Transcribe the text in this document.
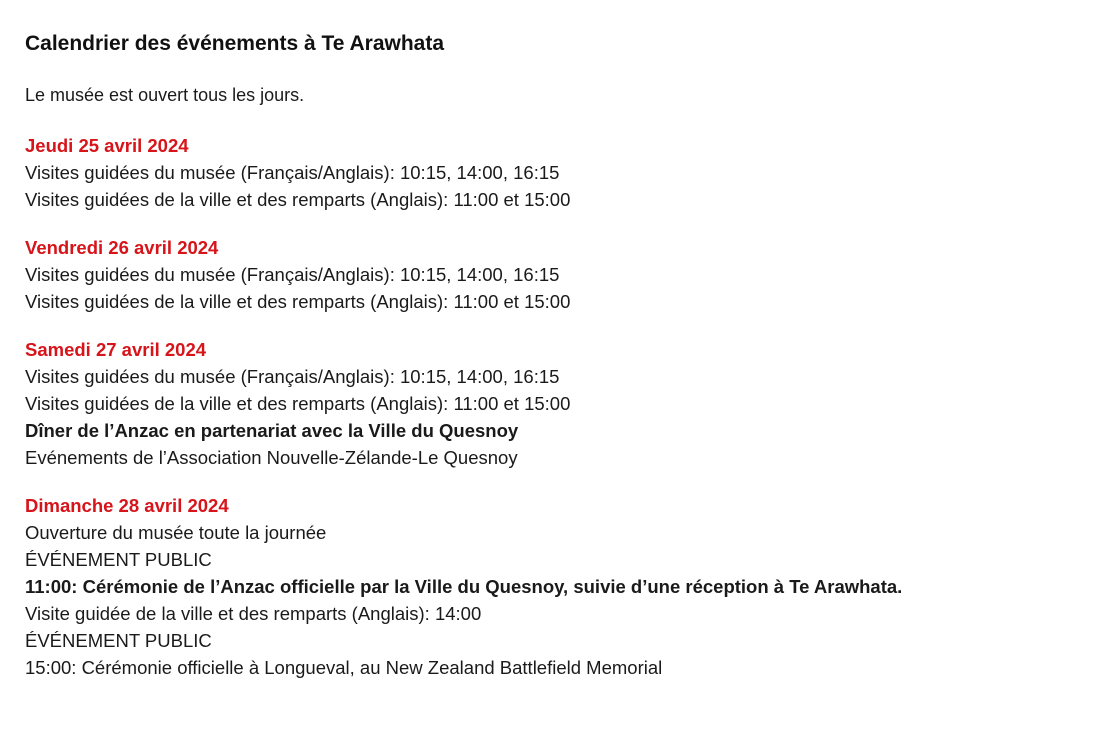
Calendrier des événements à Te Arawhata

Le musée est ouvert tous les jours.

Jeudi 25 avril 2024

Visites guidées du musée (Français/Anglais): 10:15, 14:00, 16:15

Visites guidées de la ville et des remparts (Anglais): 11:00 et 15:00

Vendredi 26 avril 2024

Visites guidées du musée (Français/Anglais): 10:15, 14:00, 16:15

Visites guidées de la ville et des remparts (Anglais): 11:00 et 15:00

Samedi 27 avril 2024

Visites guidées du musée (Français/Anglais): 10:15, 14:00, 16:15

Visites guidées de la ville et des remparts (Anglais): 11:00 et 15:00

Dîner de l’Anzac en partenariat avec la Ville du Quesnoy

Evénements de l’Association Nouvelle-Zélande-Le Quesnoy

Dimanche 28 avril 2024

Ouverture du musée toute la journée

ÉVÉNEMENT PUBLIC

11:00: Cérémonie de l’Anzac officielle par la Ville du Quesnoy, suivie d’une réception à Te Arawhata.

Visite guidée de la ville et des remparts (Anglais): 14:00

ÉVÉNEMENT PUBLIC

15:00: Cérémonie officielle à Longueval, au New Zealand Battlefield Memorial
